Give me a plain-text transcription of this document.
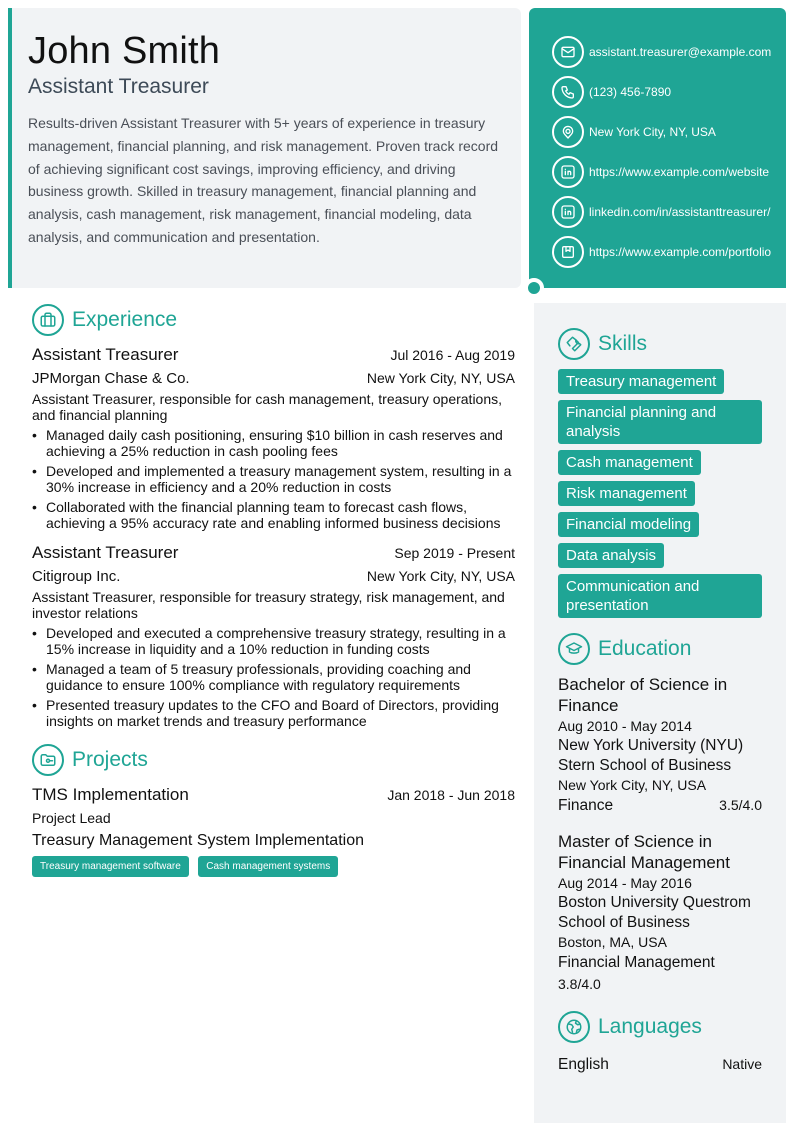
John Smith
Assistant Treasurer

Results-driven Assistant Treasurer with 5+ years of experience in treasury management, financial planning, and risk management. Proven track record of achieving significant cost savings, improving efficiency, and driving business growth. Skilled in treasury management, financial planning and analysis, cash management, risk management, financial modeling, data analysis, and communication and presentation.

assistant.treasurer@example.com
(123) 456-7890
New York City, NY, USA
https://www.example.com/website
linkedin.com/in/assistanttreasurer/
https://www.example.com/portfolio
Experience
Assistant Treasurer	Jul 2016 - Aug 2019
JPMorgan Chase & Co.	New York City, NY, USA

Assistant Treasurer, responsible for cash management, treasury operations, and financial planning

• Managed daily cash positioning, ensuring $10 billion in cash reserves and achieving a 25% reduction in cash pooling fees
• Developed and implemented a treasury management system, resulting in a 30% increase in efficiency and a 20% reduction in costs
• Collaborated with the financial planning team to forecast cash flows, achieving a 95% accuracy rate and enabling informed business decisions
Assistant Treasurer	Sep 2019 - Present
Citigroup Inc.	New York City, NY, USA

Assistant Treasurer, responsible for treasury strategy, risk management, and investor relations

• Developed and executed a comprehensive treasury strategy, resulting in a 15% increase in liquidity and a 10% reduction in funding costs
• Managed a team of 5 treasury professionals, providing coaching and guidance to ensure 100% compliance with regulatory requirements
• Presented treasury updates to the CFO and Board of Directors, providing insights on market trends and treasury performance
Projects
TMS Implementation	Jan 2018 - Jun 2018
Project Lead
Treasury Management System Implementation
Treasury management software	Cash management systems
Skills
Treasury management
Financial planning and analysis
Cash management
Risk management
Financial modeling
Data analysis
Communication and presentation
Education
Bachelor of Science in Finance
Aug 2010 - May 2014
New York University (NYU) Stern School of Business
New York City, NY, USA
Finance	3.5/4.0
Master of Science in Financial Management
Aug 2014 - May 2016
Boston University Questrom School of Business
Boston, MA, USA
Financial Management
3.8/4.0
Languages
English	Native
